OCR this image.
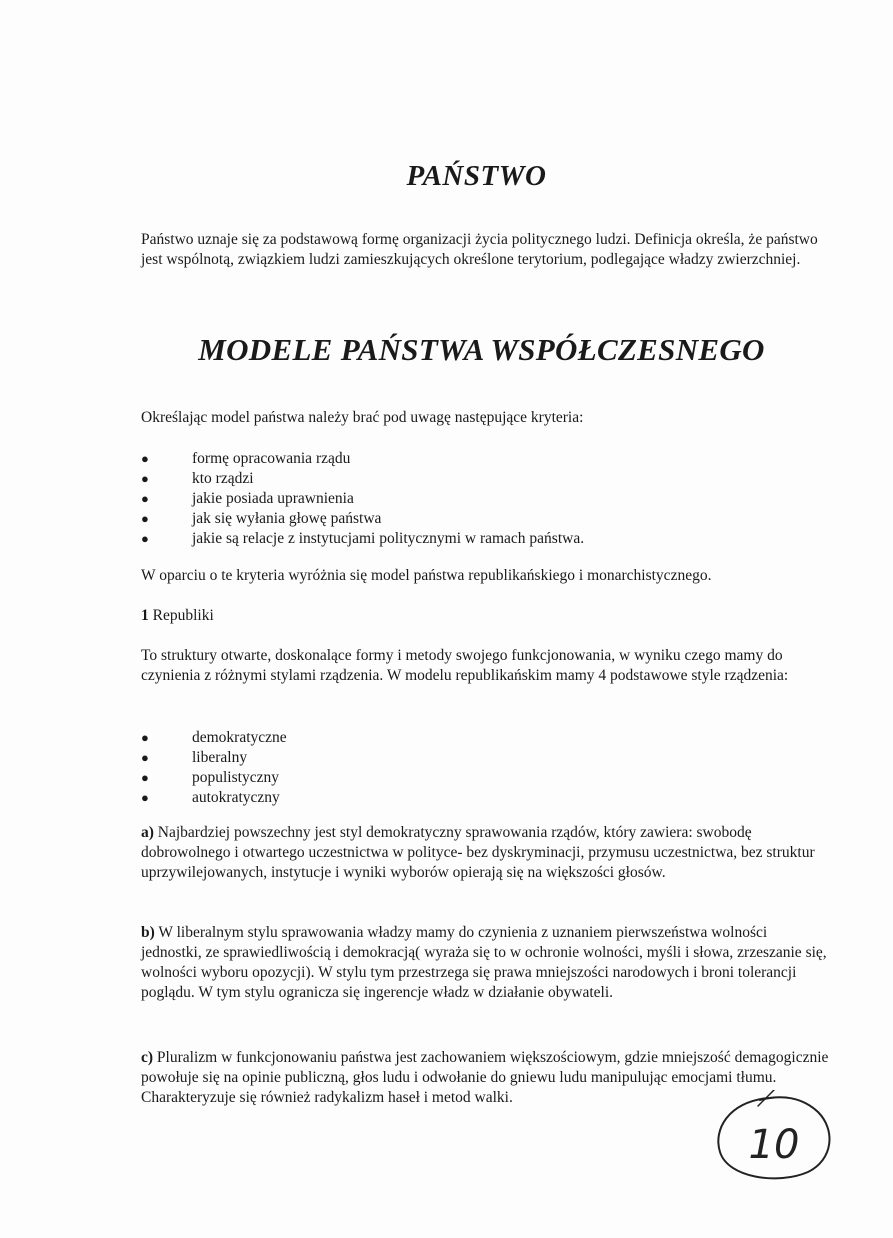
PAŃSTWO

Państwo uznaje się za podstawową formę organizacji życia politycznego ludzi. Definicja określa, że państwo jest wspólnotą, związkiem ludzi zamieszkujących określone terytorium, podlegające władzy zwierzchniej.

MODELE PAŃSTWA WSPÓŁCZESNEGO

Określając model państwa należy brać pod uwagę następujące kryteria:

●	formę opracowania rządu
●	kto rządzi
●	jakie posiada uprawnienia
●	jak się wyłania głowę państwa
●	jakie są relacje z instytucjami politycznymi w ramach państwa.

W oparciu o te kryteria wyróżnia się model państwa republikańskiego i monarchistycznego.

1 Republiki

To struktury otwarte, doskonalące formy i metody swojego funkcjonowania, w wyniku czego mamy do czynienia z różnymi stylami rządzenia. W modelu republikańskim mamy 4 podstawowe style rządzenia:

●	demokratyczne
●	liberalny
●	populistyczny
●	autokratyczny

a) Najbardziej powszechny jest styl demokratyczny sprawowania rządów, który zawiera: swobodę dobrowolnego i otwartego uczestnictwa w polityce- bez dyskryminacji, przymusu uczestnictwa, bez struktur uprzywilejowanych, instytucje i wyniki wyborów opierają się na większości głosów.

b) W liberalnym stylu sprawowania władzy mamy do czynienia z uznaniem pierwszeństwa wolności jednostki, ze sprawiedliwością i demokracją( wyraża się to w ochronie wolności, myśli i słowa, zrzeszanie się, wolności wyboru opozycji). W stylu tym przestrzega się prawa mniejszości narodowych i broni tolerancji poglądu. W tym stylu ogranicza się ingerencje władz w działanie obywateli.

c) Pluralizm w funkcjonowaniu państwa jest zachowaniem większościowym, gdzie mniejszość demagogicznie powołuje się na opinie publiczną, głos ludu i odwołanie do gniewu ludu manipulując emocjami tłumu. Charakteryzuje się również radykalizm haseł i metod walki.

10
